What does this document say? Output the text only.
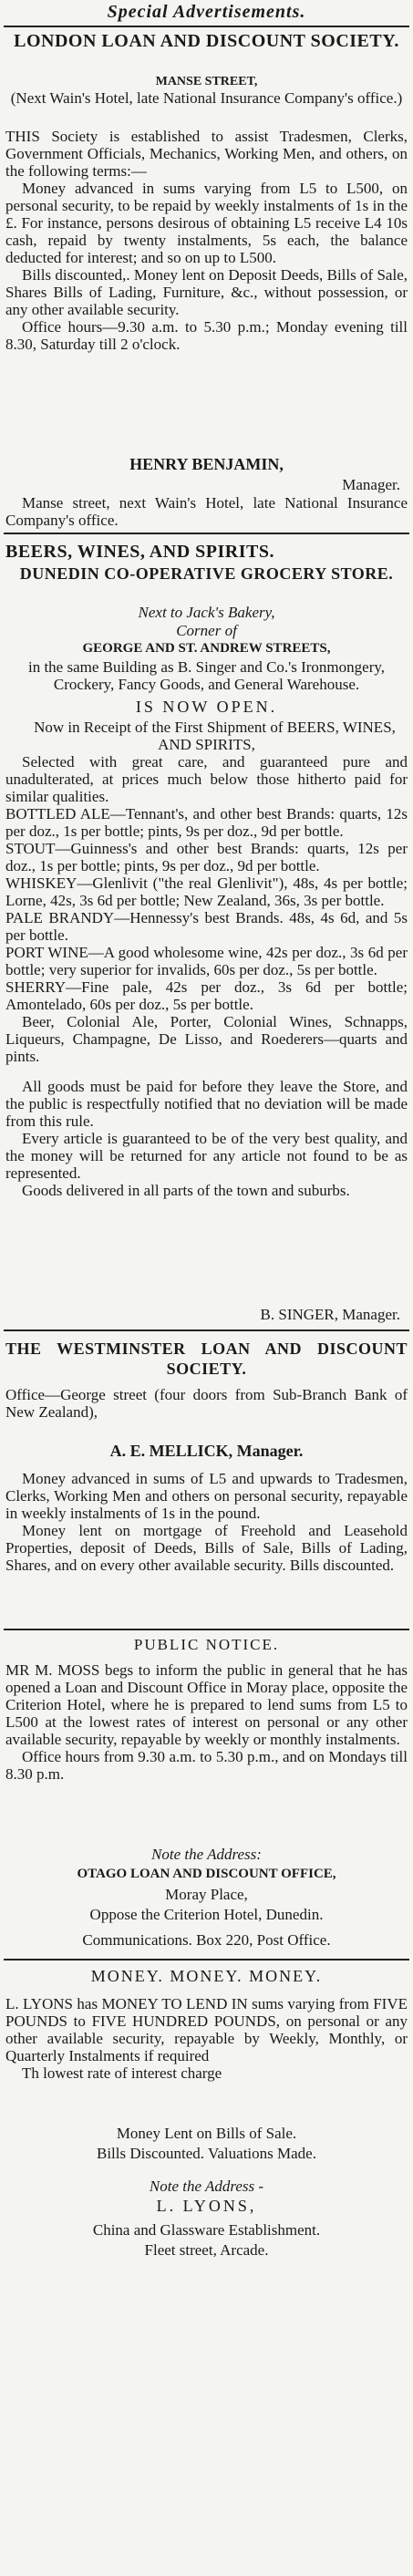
Special Advertisements.
LONDON LOAN AND DISCOUNT SOCIETY.
MANSE STREET,
(Next Wain's Hotel, late National Insurance Company's office.)

THIS Society is established to assist Tradesmen, Clerks, Government Officials, Mechanics, Working Men, and others, on the following terms:—

Money advanced in sums varying from L5 to L500, on personal security, to be repaid by weekly instalments of 1s in the £. For instance, persons desirous of obtaining L5 receive L4 10s cash, repaid by twenty instalments, 5s each, the balance deducted for interest; and so on up to L500.

Bills discounted,. Money lent on Deposit Deeds, Bills of Sale, Shares Bills of Lading, Furniture, &c., without possession, or any other available security.

Office hours—9.30 a.m. to 5.30 p.m.; Monday evening till 8.30, Saturday till 2 o'clock.

HENRY BENJAMIN,
Manager.

Manse street, next Wain's Hotel, late National Insurance Company's office.

BEERS, WINES, AND SPIRITS.
DUNEDIN CO-OPERATIVE GROCERY STORE.
Next to Jack's Bakery,
Corner of
GEORGE AND ST. ANDREW STREETS,

in the same Building as B. Singer and Co.'s Ironmongery, Crockery, Fancy Goods, and General Warehouse.

IS NOW OPEN.

Now in Receipt of the First Shipment of BEERS, WINES, AND SPIRITS,

Selected with great care, and guaranteed pure and unadulterated, at prices much below those hitherto paid for similar qualities.

BOTTLED ALE—Tennant's, and other best Brands: quarts, 12s per doz., 1s per bottle; pints, 9s per doz., 9d per bottle.

STOUT—Guinness's and other best Brands: quarts, 12s per doz., 1s per bottle; pints, 9s per doz., 9d per bottle.

WHISKEY—Glenlivit ("the real Glenlivit"), 48s, 4s per bottle; Lorne, 42s, 3s 6d per bottle; New Zealand, 36s, 3s per bottle.

PALE BRANDY—Hennessy's best Brands. 48s, 4s 6d, and 5s per bottle.

PORT WINE—A good wholesome wine, 42s per doz., 3s 6d per bottle; very superior for invalids, 60s per doz., 5s per bottle.

SHERRY—Fine pale, 42s per doz., 3s 6d per bottle; Amontelado, 60s per doz., 5s per bottle.

Beer, Colonial Ale, Porter, Colonial Wines, Schnapps, Liqueurs, Champagne, De Lisso, and Roederers—quarts and pints.

All goods must be paid for before they leave the Store, and the public is respectfully notified that no deviation will be made from this rule.

Every article is guaranteed to be of the very best quality, and the money will be returned for any article not found to be as represented.

Goods delivered in all parts of the town and suburbs.

B. SINGER, Manager.
THE WESTMINSTER LOAN AND DISCOUNT SOCIETY.

Office—George street (four doors from Sub-Branch Bank of New Zealand),

A. E. MELLICK, Manager.

Money advanced in sums of L5 and upwards to Tradesmen, Clerks, Working Men and others on personal security, repayable in weekly instalments of 1s in the pound.

Money lent on mortgage of Freehold and Leasehold Properties, deposit of Deeds, Bills of Sale, Bills of Lading, Shares, and on every other available security. Bills discounted.

PUBLIC NOTICE.

MR M. MOSS begs to inform the public in general that he has opened a Loan and Discount Office in Moray place, opposite the Criterion Hotel, where he is prepared to lend sums from L5 to L500 at the lowest rates of interest on personal or any other available security, repayable by weekly or monthly instalments.

Office hours from 9.30 a.m. to 5.30 p.m., and on Mondays till 8.30 p.m.

Note the Address:
OTAGO LOAN AND DISCOUNT OFFICE,
Moray Place,
Oppose the Criterion Hotel, Dunedin.
Communications. Box 220, Post Office.
MONEY. MONEY. MONEY.

L. LYONS has MONEY TO LEND IN sums varying from FIVE POUNDS to FIVE HUNDRED POUNDS, on personal or any other available security, repayable by Weekly, Monthly, or Quarterly Instalments if required

Th lowest rate of interest charge

Money Lent on Bills of Sale.
Bills Discounted. Valuations Made.
Note the Address -
L. LYONS,
China and Glassware Establishment.
Fleet street, Arcade.
